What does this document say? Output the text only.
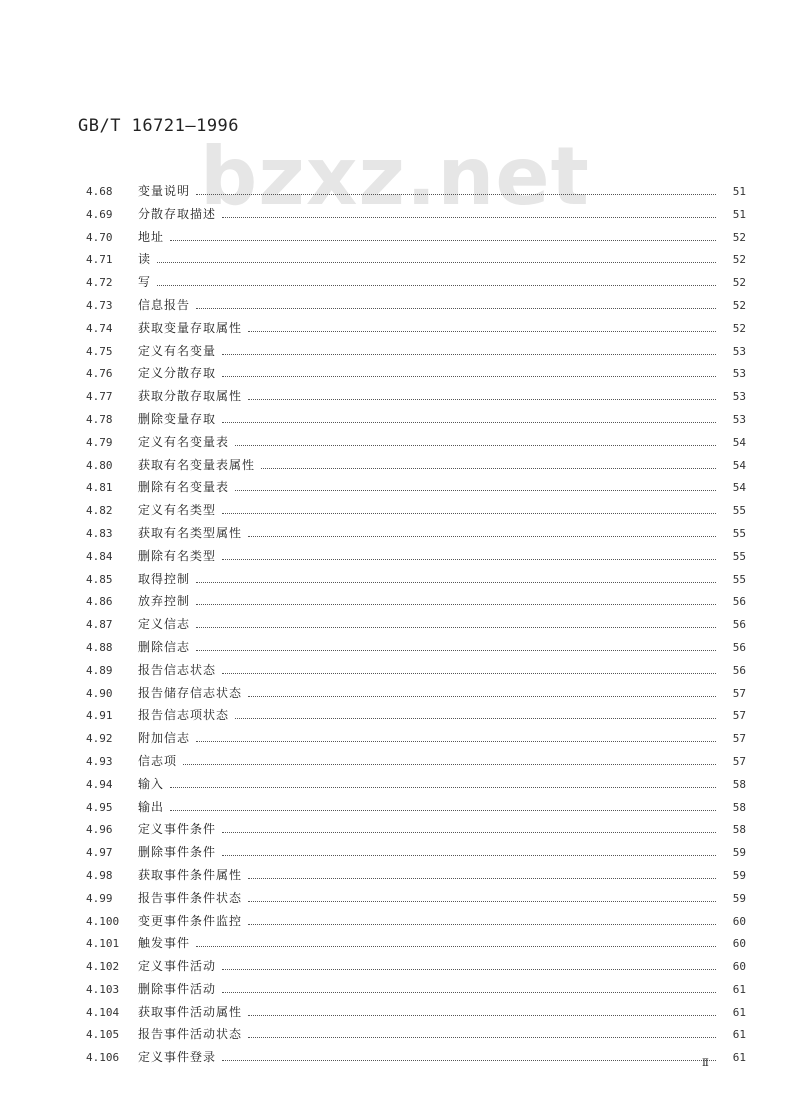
GB/T 16721—1996
bzxz.net
4.68	变量说明	51
4.69	分散存取描述	51
4.70	地址	52
4.71	读	52
4.72	写	52
4.73	信息报告	52
4.74	获取变量存取属性	52
4.75	定义有名变量	53
4.76	定义分散存取	53
4.77	获取分散存取属性	53
4.78	删除变量存取	53
4.79	定义有名变量表	54
4.80	获取有名变量表属性	54
4.81	删除有名变量表	54
4.82	定义有名类型	55
4.83	获取有名类型属性	55
4.84	删除有名类型	55
4.85	取得控制	55
4.86	放弃控制	56
4.87	定义信志	56
4.88	删除信志	56
4.89	报告信志状态	56
4.90	报告储存信志状态	57
4.91	报告信志项状态	57
4.92	附加信志	57
4.93	信志项	57
4.94	输入	58
4.95	输出	58
4.96	定义事件条件	58
4.97	删除事件条件	59
4.98	获取事件条件属性	59
4.99	报告事件条件状态	59
4.100	变更事件条件监控	60
4.101	触发事件	60
4.102	定义事件活动	60
4.103	删除事件活动	61
4.104	获取事件活动属性	61
4.105	报告事件活动状态	61
4.106	定义事件登录	61
Ⅱ
